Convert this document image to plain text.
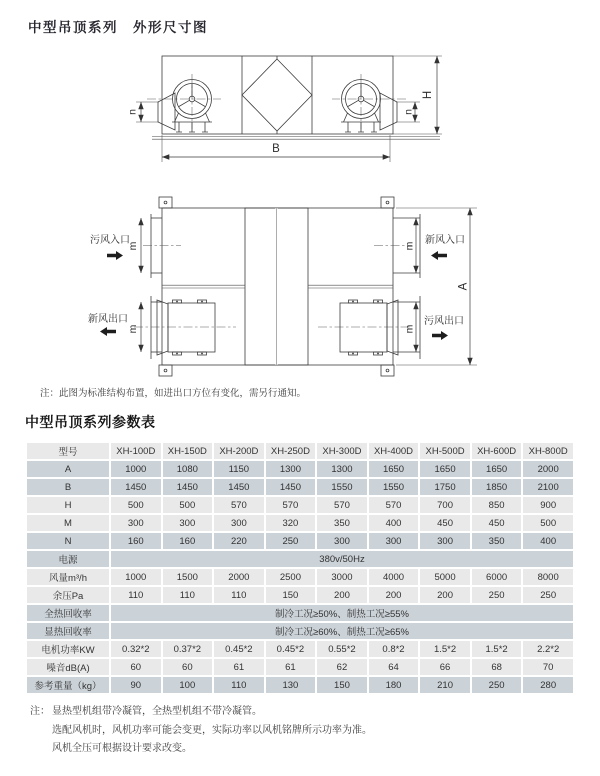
中型吊顶系列　外形尺寸图
n	n
H
B
m
污风入口	m 新风入口
m
新风出口
m
污风出口
A
注：此图为标准结构布置，如进出口方位有变化，需另行通知。
中型吊顶系列参数表
型号	XH-100D	XH-150D	XH-200D	XH-250D	XH-300D	XH-400D	XH-500D	XH-600D	XH-800D
A	1000	1080	1150	1300	1300	1650	1650	1650	2000
B	1450	1450	1450	1450	1550	1550	1750	1850	2100
H	500	500	570	570	570	570	700	850	900
M	300	300	300	320	350	400	450	450	500
N	160	160	220	250	300	300	300	350	400
电源	380v/50Hz								
风量m³/h	1000	1500	2000	2500	3000	4000	5000	6000	8000
余压Pa	110	110	110	150	200	200	200	250	250
全热回收率	制冷工况≥50%、制热工况≥55%								
显热回收率	制冷工况≥60%、制热工况≥65%								
电机功率KW	0.32*2	0.37*2	0.45*2	0.45*2	0.55*2	0.8*2	1.5*2	1.5*2	2.2*2
噪音dB(A)	60	60	61	61	62	64	66	68	70
参考重量（kg）	90	100	110	130	150	180	210	250	280
注： 显热型机组带冷凝管，全热型机组不带冷凝管。
选配风机时，风机功率可能会变更，实际功率以风机铭牌所示功率为准。
风机全压可根据设计要求改变。
